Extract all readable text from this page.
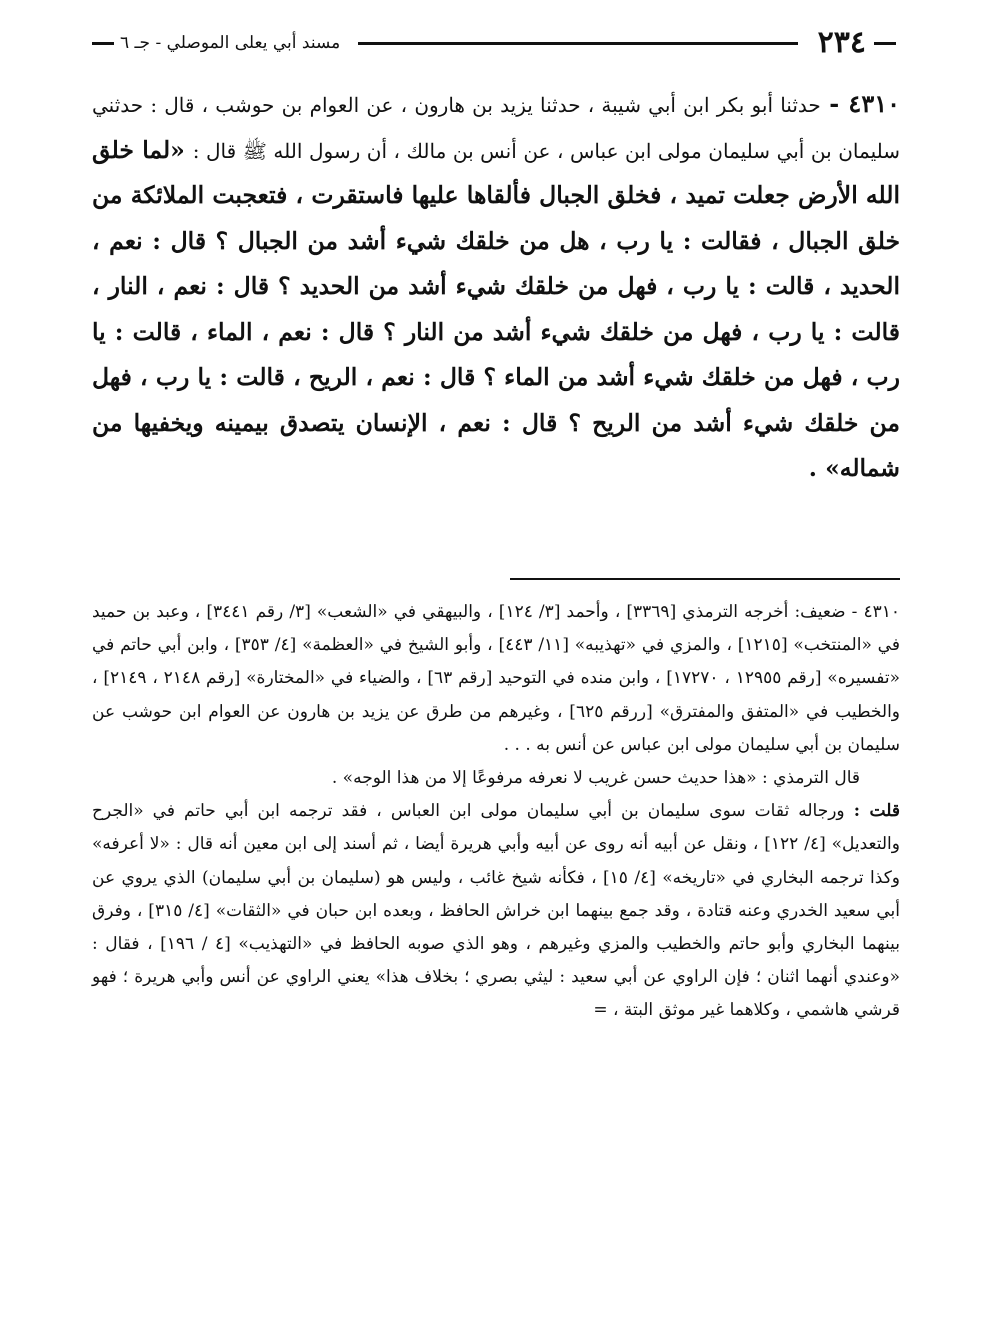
٢٣٤
مسند أبي يعلى الموصلي - جـ ٦
٤٣١٠ - حدثنا أبو بكر ابن أبي شيبة ، حدثنا يزيد بن هارون ، عن العوام بن حوشب ، قال : حدثني سليمان بن أبي سليمان مولى ابن عباس ، عن أنس بن مالك ، أن رسول الله ﷺ قال : «لما خلق الله الأرض جعلت تميد ، فخلق الجبال فألقاها عليها فاستقرت ، فتعجبت الملائكة من خلق الجبال ، فقالت : يا رب ، هل من خلقك شيء أشد من الجبال ؟ قال : نعم ، الحديد ، قالت : يا رب ، فهل من خلقك شيء أشد من الحديد ؟ قال : نعم ، النار ، قالت : يا رب ، فهل من خلقك شيء أشد من النار ؟ قال : نعم ، الماء ، قالت : يا رب ، فهل من خلقك شيء أشد من الماء ؟ قال : نعم ، الريح ، قالت : يا رب ، فهل من خلقك شيء أشد من الريح ؟ قال : نعم ، الإنسان يتصدق بيمينه ويخفيها من شماله» .

٤٣١٠ - ضعيف: أخرجه الترمذي [٣٣٦٩] ، وأحمد [٣/ ١٢٤] ، والبيهقي في «الشعب» [٣/ رقم ٣٤٤١] ، وعبد بن حميد في «المنتخب» [١٢١٥] ، والمزي في «تهذيبه» [١١/ ٤٤٣] ، وأبو الشيخ في «العظمة» [٤/ ٣٥٣] ، وابن أبي حاتم في «تفسيره» [رقم ١٢٩٥٥ ، ١٧٢٧٠] ، وابن منده في التوحيد [رقم ٦٣] ، والضياء في «المختارة» [رقم ٢١٤٨ ، ٢١٤٩] ، والخطيب في «المتفق والمفترق» [ررقم ٦٢٥] ، وغيرهم من طرق عن يزيد بن هارون عن العوام ابن حوشب عن سليمان بن أبي سليمان مولى ابن عباس عن أنس به . . .

قال الترمذي : «هذا حديث حسن غريب لا نعرفه مرفوعًا إلا من هذا الوجه» .

قلت : ورجاله ثقات سوى سليمان بن أبي سليمان مولى ابن العباس ، فقد ترجمه ابن أبي حاتم في «الجرح والتعديل» [٤/ ١٢٢] ، ونقل عن أبيه أنه روى عن أبيه وأبي هريرة أيضا ، ثم أسند إلى ابن معين أنه قال : «لا أعرفه» وكذا ترجمه البخاري في «تاريخه» [٤/ ١٥] ، فكأنه شيخ غائب ، وليس هو (سليمان بن أبي سليمان) الذي يروي عن أبي سعيد الخدري وعنه قتادة ، وقد جمع بينهما ابن خراش الحافظ ، وبعده ابن حبان في «الثقات» [٤/ ٣١٥] ، وفرق بينهما البخاري وأبو حاتم والخطيب والمزي وغيرهم ، وهو الذي صوبه الحافظ في «التهذيب» [٤ / ١٩٦] ، فقال : «وعندي أنهما اثنان ؛ فإن الراوي عن أبي سعيد : ليثي بصري ؛ بخلاف هذا» يعني الراوي عن أنس وأبي هريرة ؛ فهو قرشي هاشمي ، وكلاهما غير موثق البتة ، =
